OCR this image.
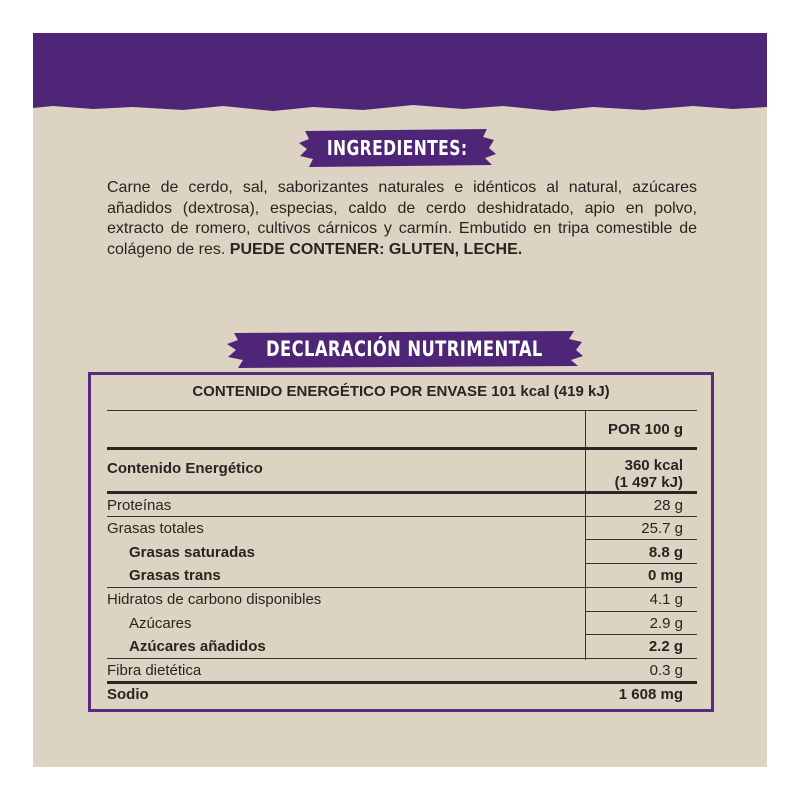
INGREDIENTES:
Carne de cerdo, sal, saborizantes naturales e idénticos al natural, azúcares añadidos (dextrosa), especias, caldo de cerdo deshidratado, apio en polvo, extracto de romero, cultivos cárnicos y carmín. Embutido en tripa comestible de colágeno de res. PUEDE CONTENER: GLUTEN, LECHE.
DECLARACIÓN NUTRIMENTAL
CONTENIDO ENERGÉTICO POR ENVASE 101 kcal (419 kJ)
POR 100 g
Contenido Energético	360 kcal
(1 497 kJ)
Proteínas	28 g
Grasas totales	25.7 g
Grasas saturadas	8.8 g
Grasas trans	0 mg
Hidratos de carbono disponibles	4.1 g
Azúcares	2.9 g
Azúcares añadidos	2.2 g
Fibra dietética	0.3 g
Sodio	1 608 mg
